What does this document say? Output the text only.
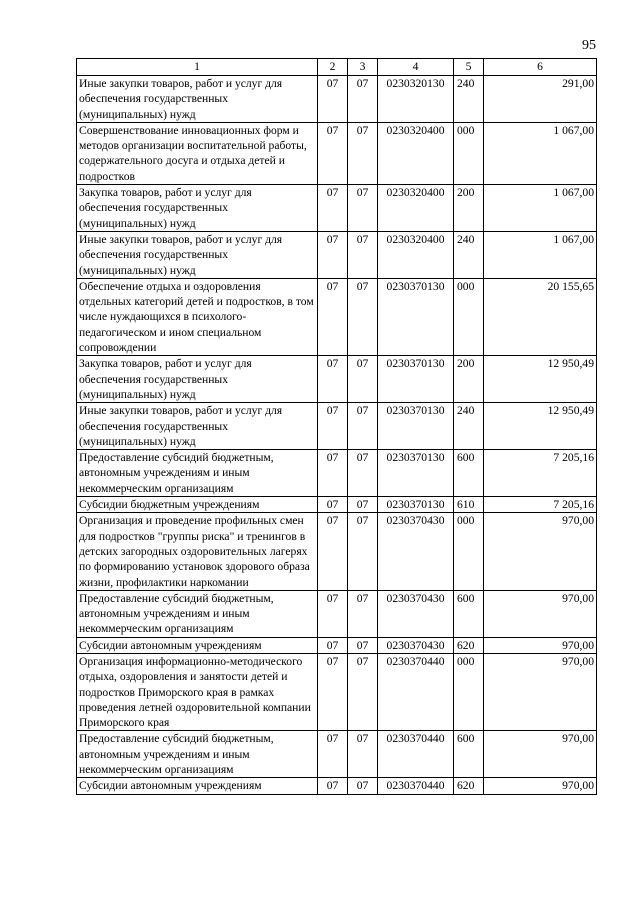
95
1	2	3	4	5	6
Иные закупки товаров, работ и услуг для обеспечения государственных (муниципальных) нужд	07	07	0230320130	240	291,00
Совершенствование инновационных форм и методов организации воспитательной работы, содержательного досуга и отдыха детей и подростков	07	07	0230320400	000	1 067,00
Закупка товаров, работ и услуг для обеспечения государственных (муниципальных) нужд	07	07	0230320400	200	1 067,00
Иные закупки товаров, работ и услуг для обеспечения государственных (муниципальных) нужд	07	07	0230320400	240	1 067,00
Обеспечение отдыха и оздоровления отдельных категорий детей и подростков, в том числе нуждающихся в психолого-педагогическом и ином специальном сопровождении	07	07	0230370130	000	20 155,65
Закупка товаров, работ и услуг для обеспечения государственных (муниципальных) нужд	07	07	0230370130	200	12 950,49
Иные закупки товаров, работ и услуг для обеспечения государственных (муниципальных) нужд	07	07	0230370130	240	12 950,49
Предоставление субсидий бюджетным, автономным учреждениям и иным некоммерческим организациям	07	07	0230370130	600	7 205,16
Субсидии бюджетным учреждениям	07	07	0230370130	610	7 205,16
Организация и проведение профильных смен для подростков "группы риска" и тренингов в детских загородных оздоровительных лагерях по формированию установок здорового образа жизни, профилактики наркомании	07	07	0230370430	000	970,00
Предоставление субсидий бюджетным, автономным учреждениям и иным некоммерческим организациям	07	07	0230370430	600	970,00
Субсидии автономным учреждениям	07	07	0230370430	620	970,00
Организация информационно-методического отдыха, оздоровления и занятости детей и подростков Приморского края в рамках проведения летней оздоровительной компании Приморского края	07	07	0230370440	000	970,00
Предоставление субсидий бюджетным, автономным учреждениям и иным некоммерческим организациям	07	07	0230370440	600	970,00
Субсидии автономным учреждениям	07	07	0230370440	620	970,00
